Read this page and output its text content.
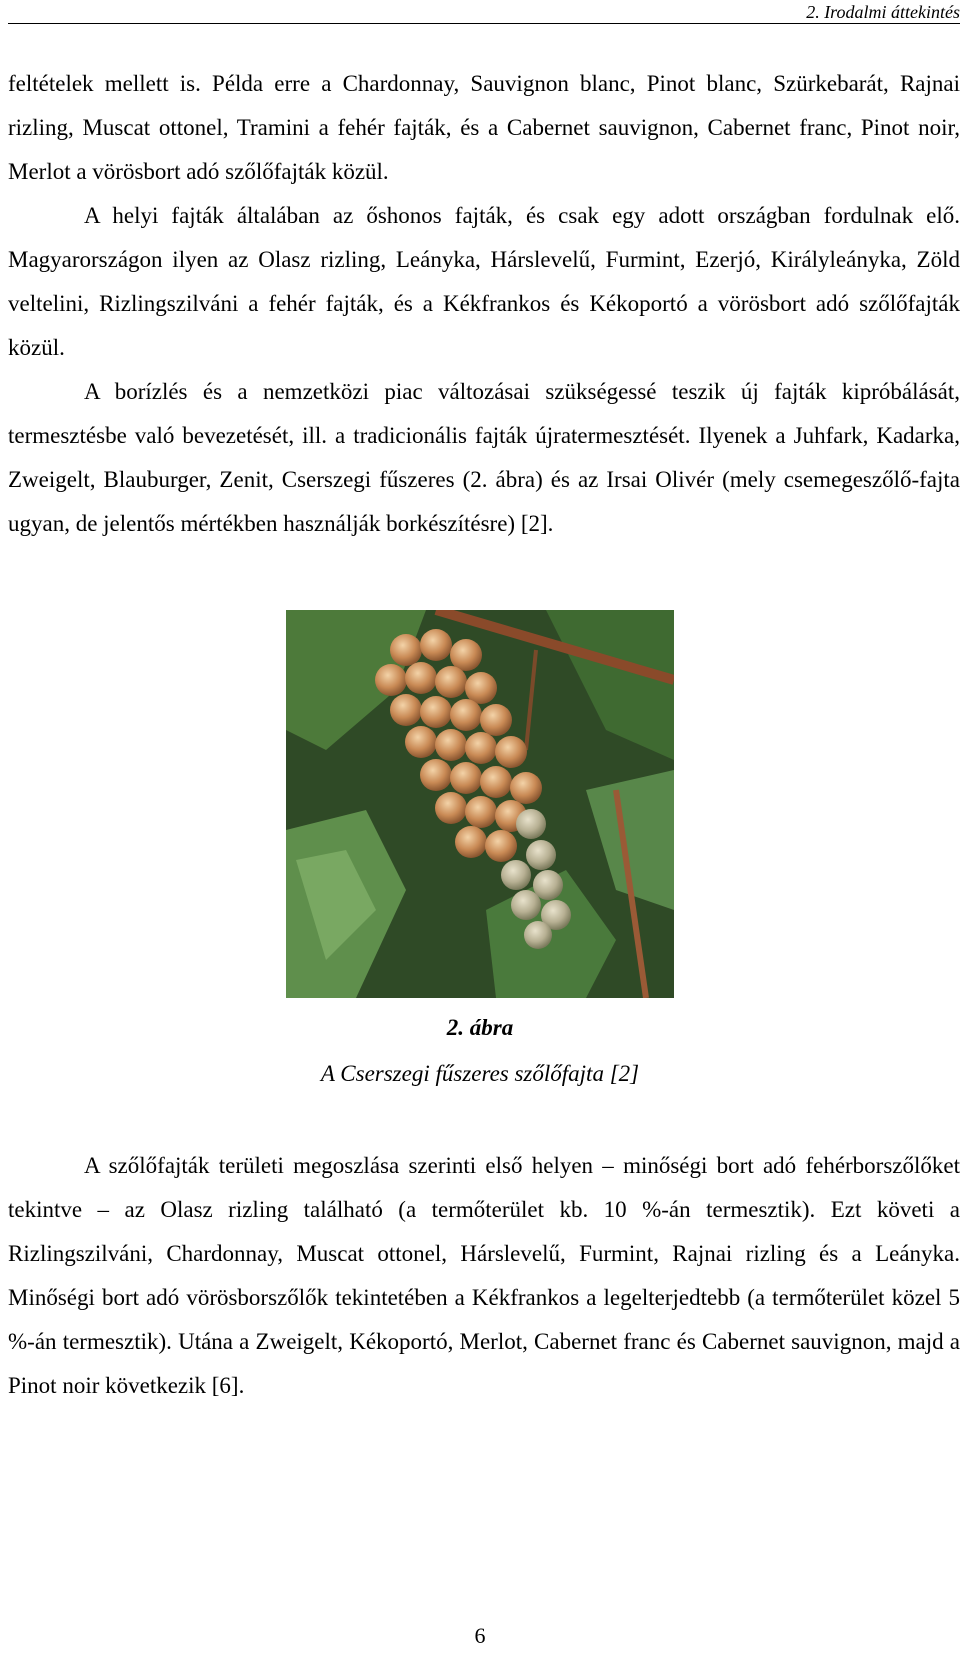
2. Irodalmi áttekintés

feltételek mellett is. Példa erre a Chardonnay, Sauvignon blanc, Pinot blanc, Szürkebarát, Rajnai rizling, Muscat ottonel, Tramini a fehér fajták, és a Cabernet sauvignon, Cabernet franc, Pinot noir, Merlot a vörösbort adó szőlőfajták közül.

A helyi fajták általában az őshonos fajták, és csak egy adott országban fordulnak elő. Magyarországon ilyen az Olasz rizling, Leányka, Hárslevelű, Furmint, Ezerjó, Királyleányka, Zöld veltelini, Rizlingszilváni a fehér fajták, és a Kékfrankos és Kékoportó a vörösbort adó szőlőfajták közül.

A borízlés és a nemzetközi piac változásai szükségessé teszik új fajták kipróbálását, termesztésbe való bevezetését, ill. a tradicionális fajták újratermesztését. Ilyenek a Juhfark, Kadarka, Zweigelt, Blauburger, Zenit, Cserszegi fűszeres (2. ábra) és az Irsai Olivér (mely csemegeszőlő-fajta ugyan, de jelentős mértékben használják borkészítésre) [2].

2. ábra
A Cserszegi fűszeres szőlőfajta [2]

A szőlőfajták területi megoszlása szerinti első helyen – minőségi bort adó fehérborszőlőket tekintve – az Olasz rizling található (a termőterület kb. 10 %-án termesztik). Ezt követi a Rizlingszilváni, Chardonnay, Muscat ottonel, Hárslevelű, Furmint, Rajnai rizling és a Leányka. Minőségi bort adó vörösborszőlők tekintetében a Kékfrankos a legelterjedtebb (a termőterület közel 5 %-án termesztik). Utána a Zweigelt, Kékoportó, Merlot, Cabernet franc és Cabernet sauvignon, majd a Pinot noir következik [6].

6
